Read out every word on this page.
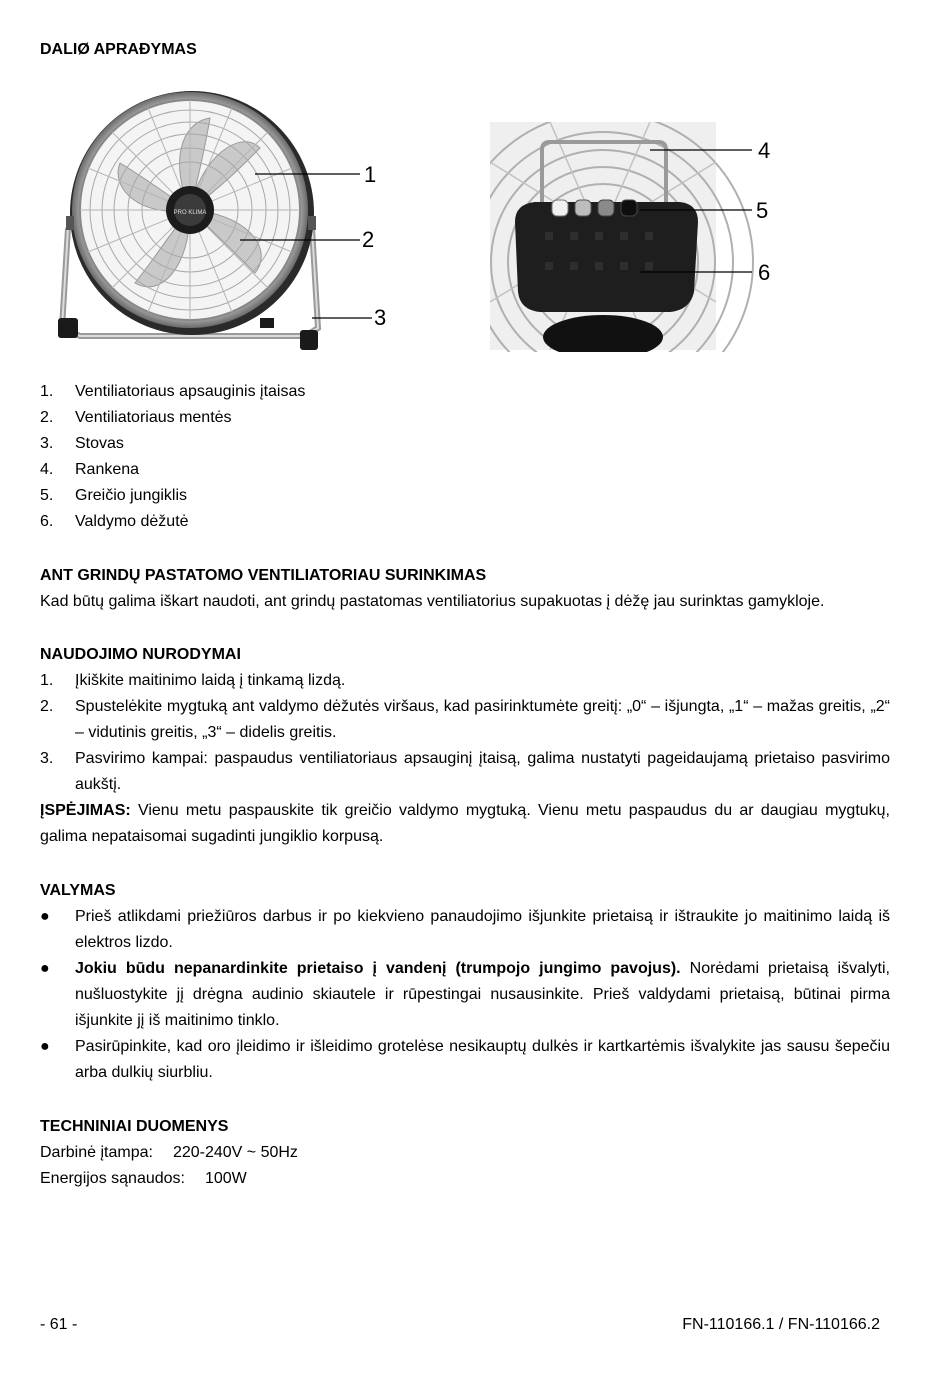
DALIØ APRAĐYMAS
PRO KLIMA
1
2
3
4
5
6
1. Ventiliatoriaus apsauginis įtaisas
2. Ventiliatoriaus mentės
3. Stovas
4. Rankena
5. Greičio jungiklis
6. Valdymo dėžutė

ANT GRINDŲ PASTATOMO VENTILIATORIAU SURINKIMAS

Kad būtų galima iškart naudoti, ant grindų pastatomas ventiliatorius supakuotas į dėžę jau surinktas gamykloje.

NAUDOJIMO NURODYMAI

1. Įkiškite maitinimo laidą į tinkamą lizdą.
2. Spustelėkite mygtuką ant valdymo dėžutės viršaus, kad pasirinktumėte greitį: „0“ – išjungta, „1“ – mažas greitis, „2“ – vidutinis greitis, „3“ – didelis greitis.
3. Pasvirimo kampai: paspaudus ventiliatoriaus apsauginį įtaisą, galima nustatyti pageidaujamą prietaiso pasvirimo aukštį.

ĮSPĖJIMAS: Vienu metu paspauskite tik greičio valdymo mygtuką. Vienu metu paspaudus du ar daugiau mygtukų, galima nepataisomai sugadinti jungiklio korpusą.

VALYMAS

● Prieš atlikdami priežiūros darbus ir po kiekvieno panaudojimo išjunkite prietaisą ir ištraukite jo maitinimo laidą iš elektros lizdo.
● Jokiu būdu nepanardinkite prietaiso į vandenį (trumpojo jungimo pavojus). Norėdami prietaisą išvalyti, nušluostykite jį drėgna audinio skiautele ir rūpestingai nusausinkite. Prieš valdydami prietaisą, būtinai pirma išjunkite jį iš maitinimo tinklo.
● Pasirūpinkite, kad oro įleidimo ir išleidimo grotelėse nesikauptų dulkės ir kartkartėmis išvalykite jas sausu šepečiu arba dulkių siurbliu.

TECHNINIAI DUOMENYS

Darbinė įtampa: 220-240V ~ 50Hz

Energijos sąnaudos: 100W

- 61 -	FN-110166.1 / FN-110166.2
